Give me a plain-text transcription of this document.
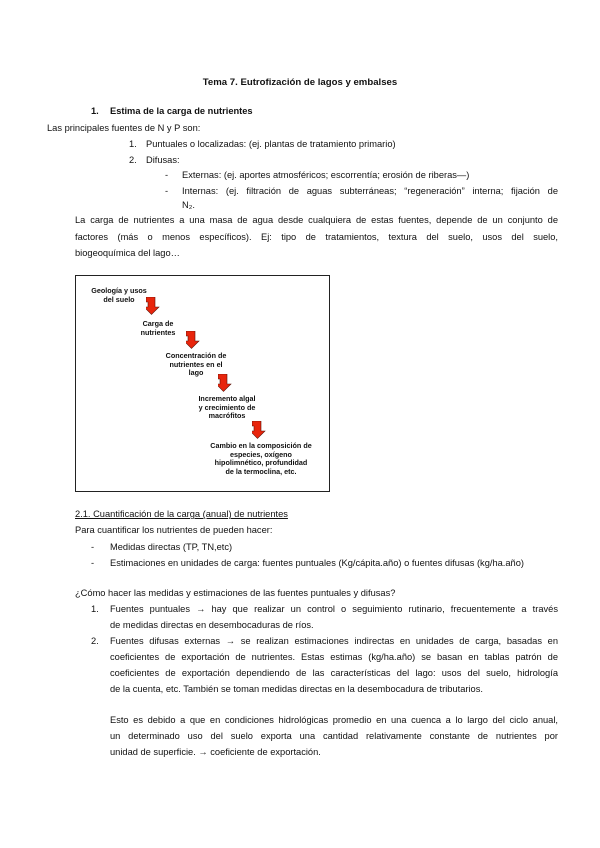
Tema 7. Eutrofización de lagos y embalses
1. Estima de la carga de nutrientes
Las principales fuentes de N y P son:
1. Puntuales o localizadas: (ej. plantas de tratamiento primario)
2. Difusas:
- Externas: (ej. aportes atmosféricos; escorrentía; erosión de riberas—)
- Internas: (ej. filtración de aguas subterráneas; “regeneración” interna; fijación de
N₂.
La carga de nutrientes a una masa de agua desde cualquiera de estas fuentes, depende de un conjunto de
factores (más o menos específicos). Ej: tipo de tratamientos, textura del suelo, usos del suelo,
biogeoquímica del lago…
Geología y usos
del suelo
Carga de
nutrientes
Concentración de
nutrientes en el
lago
Incremento algal
y crecimiento de
macrófitos
Cambio en la composición de
especies, oxígeno
hipolimnético, profundidad
de la termoclina, etc.
2.1. Cuantificación de la carga (anual) de nutrientes
Para cuantificar los nutrientes de pueden hacer:
- Medidas directas (TP, TN,etc)
- Estimaciones en unidades de carga: fuentes puntuales (Kg/cápita.año) o fuentes difusas (kg/ha.año)
¿Cómo hacer las medidas y estimaciones de las fuentes puntuales y difusas?
1. Fuentes puntuales → hay que realizar un control o seguimiento rutinario, frecuentemente a través
de medidas directas en desembocaduras de ríos.
2. Fuentes difusas externas → se realizan estimaciones indirectas en unidades de carga, basadas en
coeficientes de exportación de nutrientes. Estas estimas (kg/ha.año) se basan en tablas patrón de
coeficientes de exportación dependiendo de las características del lago: usos del suelo, hidrología
de la cuenta, etc. También se toman medidas directas en la desembocadura de tributarios.
Esto es debido a que en condiciones hidrológicas promedio en una cuenca a lo largo del ciclo anual,
un determinado uso del suelo exporta una cantidad relativamente constante de nutrientes por
unidad de superficie. → coeficiente de exportación.
